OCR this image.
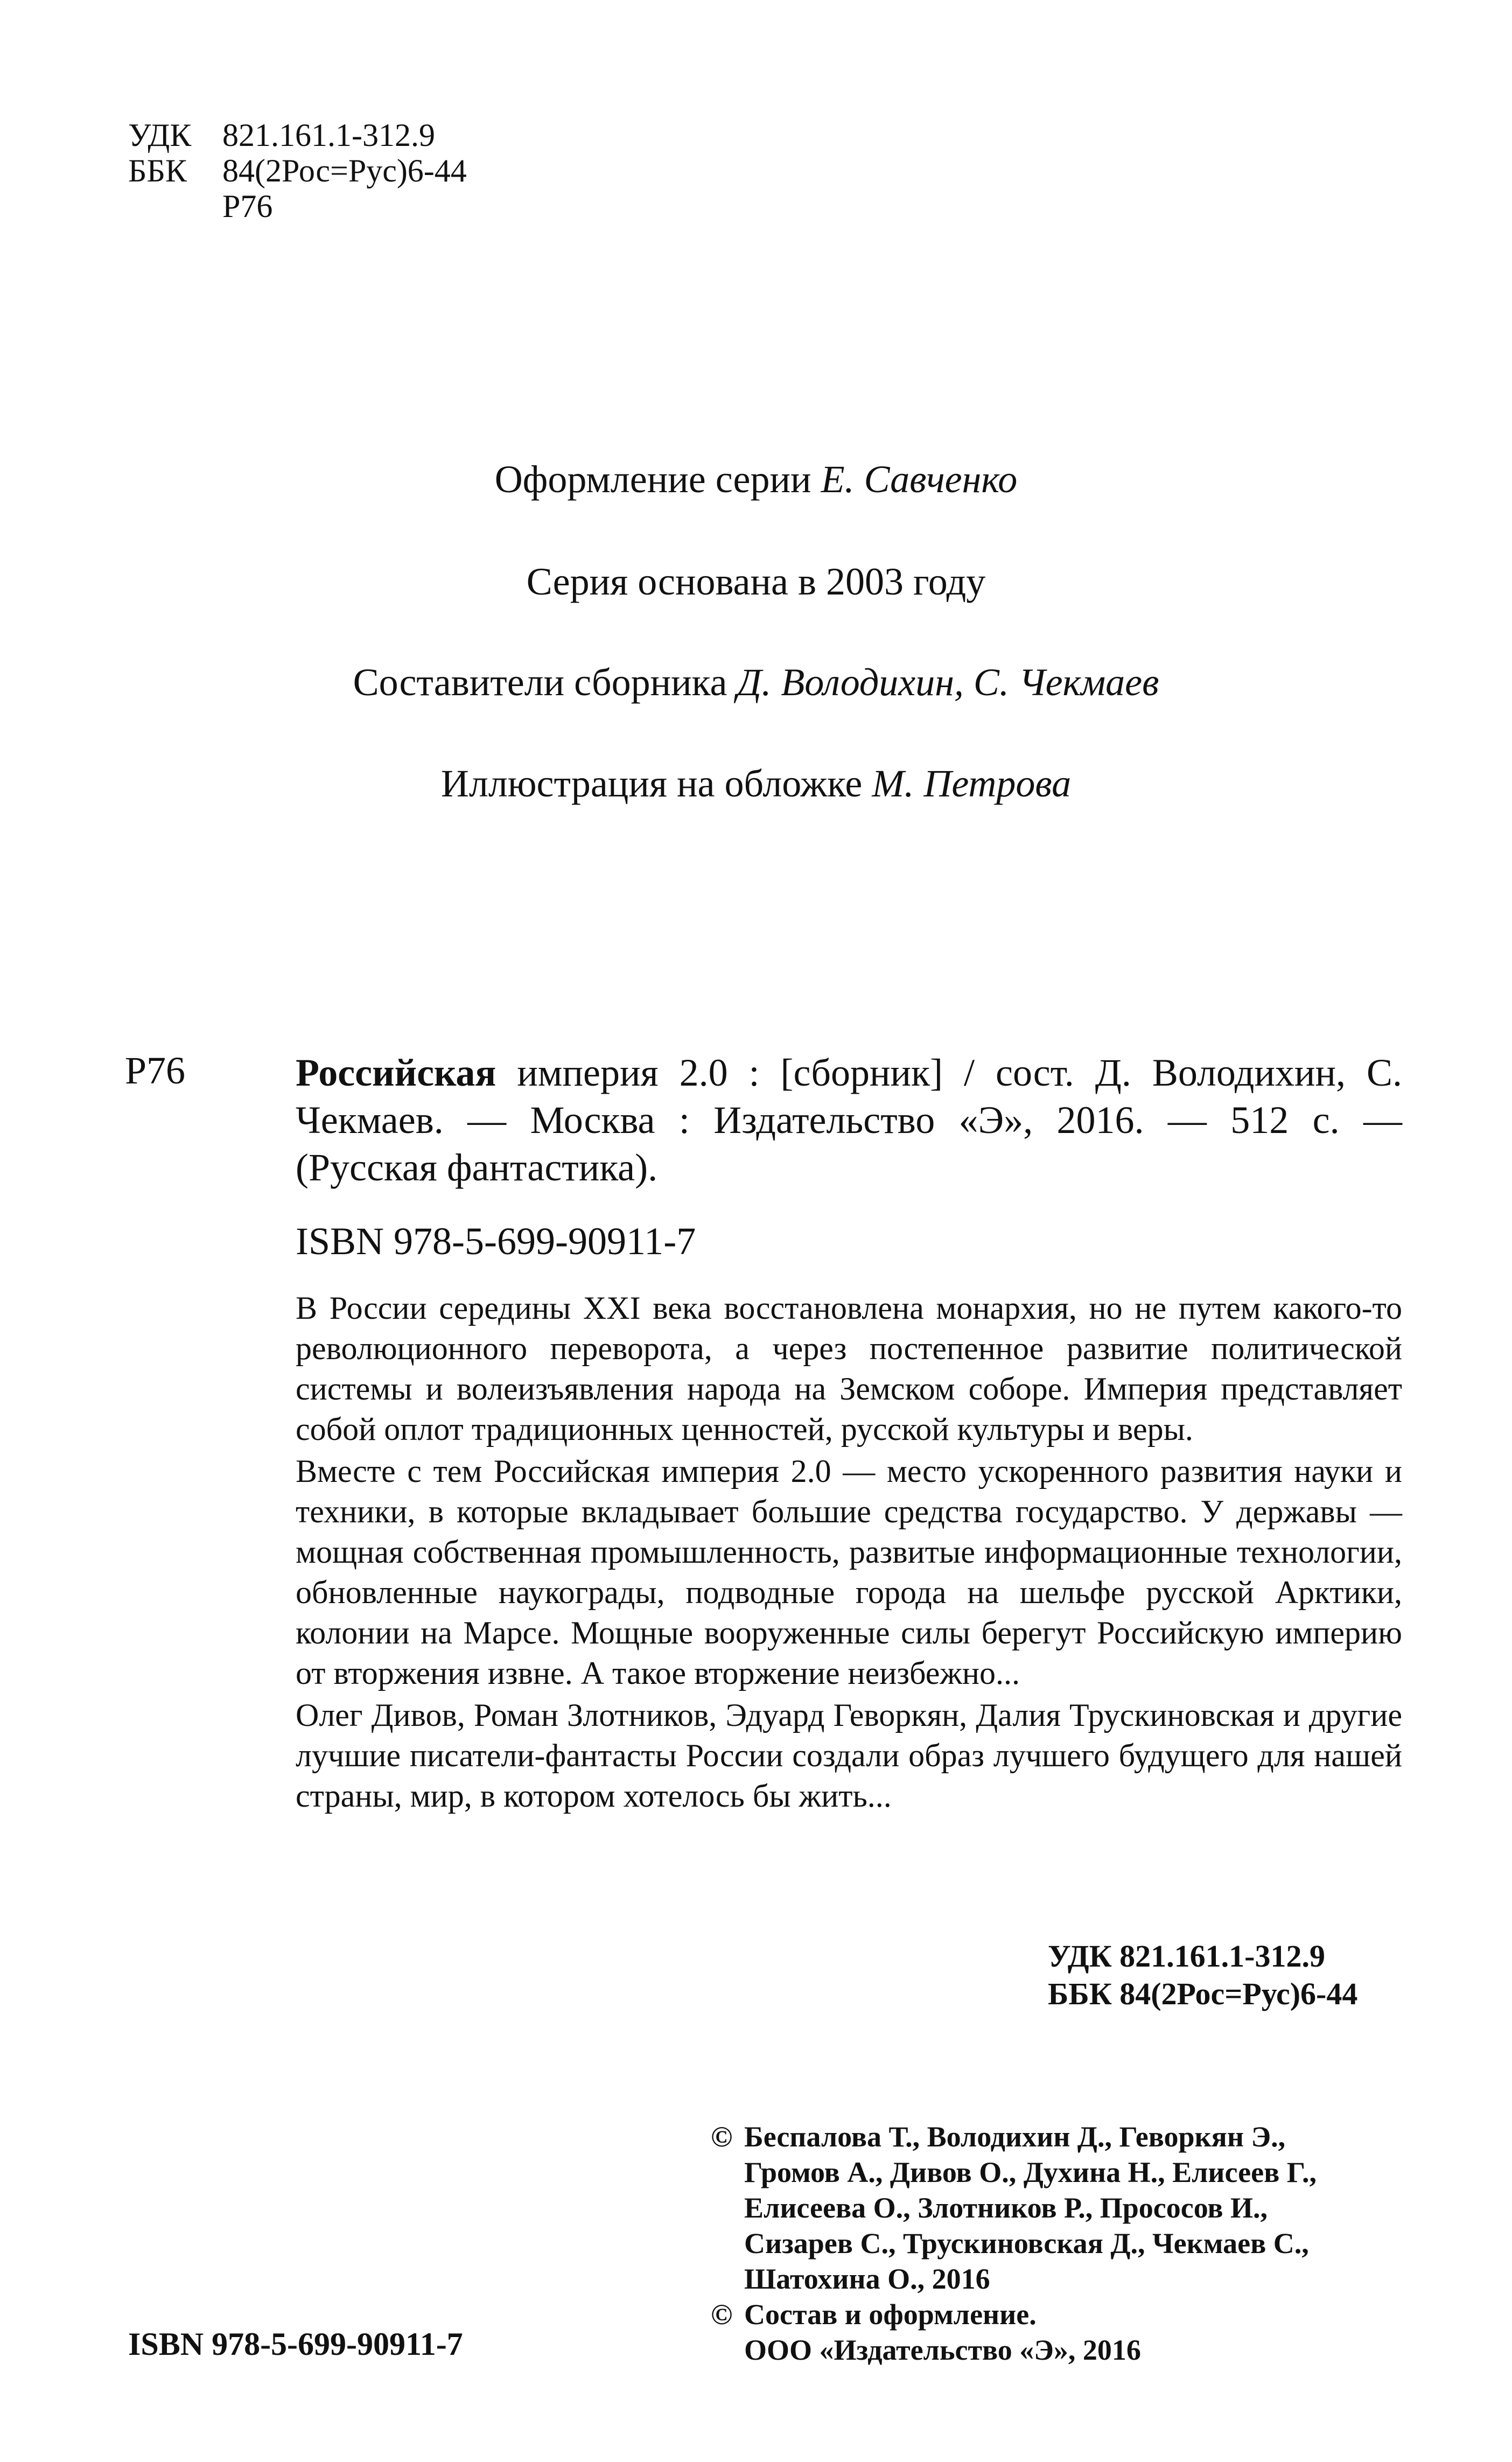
УДК 821.161.1-312.9
ББК	84(2Рос=Рус)6-44
Р76
Оформление серии Е. Савченко
Серия основана в 2003 году
Составители сборника Д. Володихин, С. Чекмаев
Иллюстрация на обложке М. Петрова
Р76	Российская империя 2.0 : [сборник] / сост. Д. Володихин, С. Чекмаев. — Москва : Издательство «Э», 2016. — 512 с. — (Русская фантастика).
ISBN 978-5-699-90911-7

В России середины XXI века восстановлена монархия, но не путем какого-то революционного переворота, а через постепенное развитие политической системы и волеизъявления народа на Земском соборе. Империя представляет собой оплот традиционных ценностей, русской культуры и веры.

Вместе с тем Российская империя 2.0 — место ускоренного развития науки и техники, в которые вкладывает большие средства государство. У державы — мощная собственная промышленность, развитые информационные технологии, обновленные наукограды, подводные города на шельфе русской Арктики, колонии на Марсе. Мощные вооруженные силы берегут Российскую империю от вторжения извне. А такое вторжение неизбежно...

Олег Дивов, Роман Злотников, Эдуард Геворкян, Далия Трускиновская и другие лучшие писатели-фантасты России создали образ лучшего будущего для нашей страны, мир, в котором хотелось бы жить...

УДК 821.161.1-312.9
ББК 84(2Рос=Рус)6-44
© Беспалова Т., Володихин Д., Геворкян Э.,
Громов А., Дивов О., Духина Н., Елисеев Г.,
Елисеева О., Злотников Р., Прососов И.,
Сизарев С., Трускиновская Д., Чекмаев С.,
Шатохина О., 2016
© Состав и оформление.
ООО «Издательство «Э», 2016
ISBN 978-5-699-90911-7
